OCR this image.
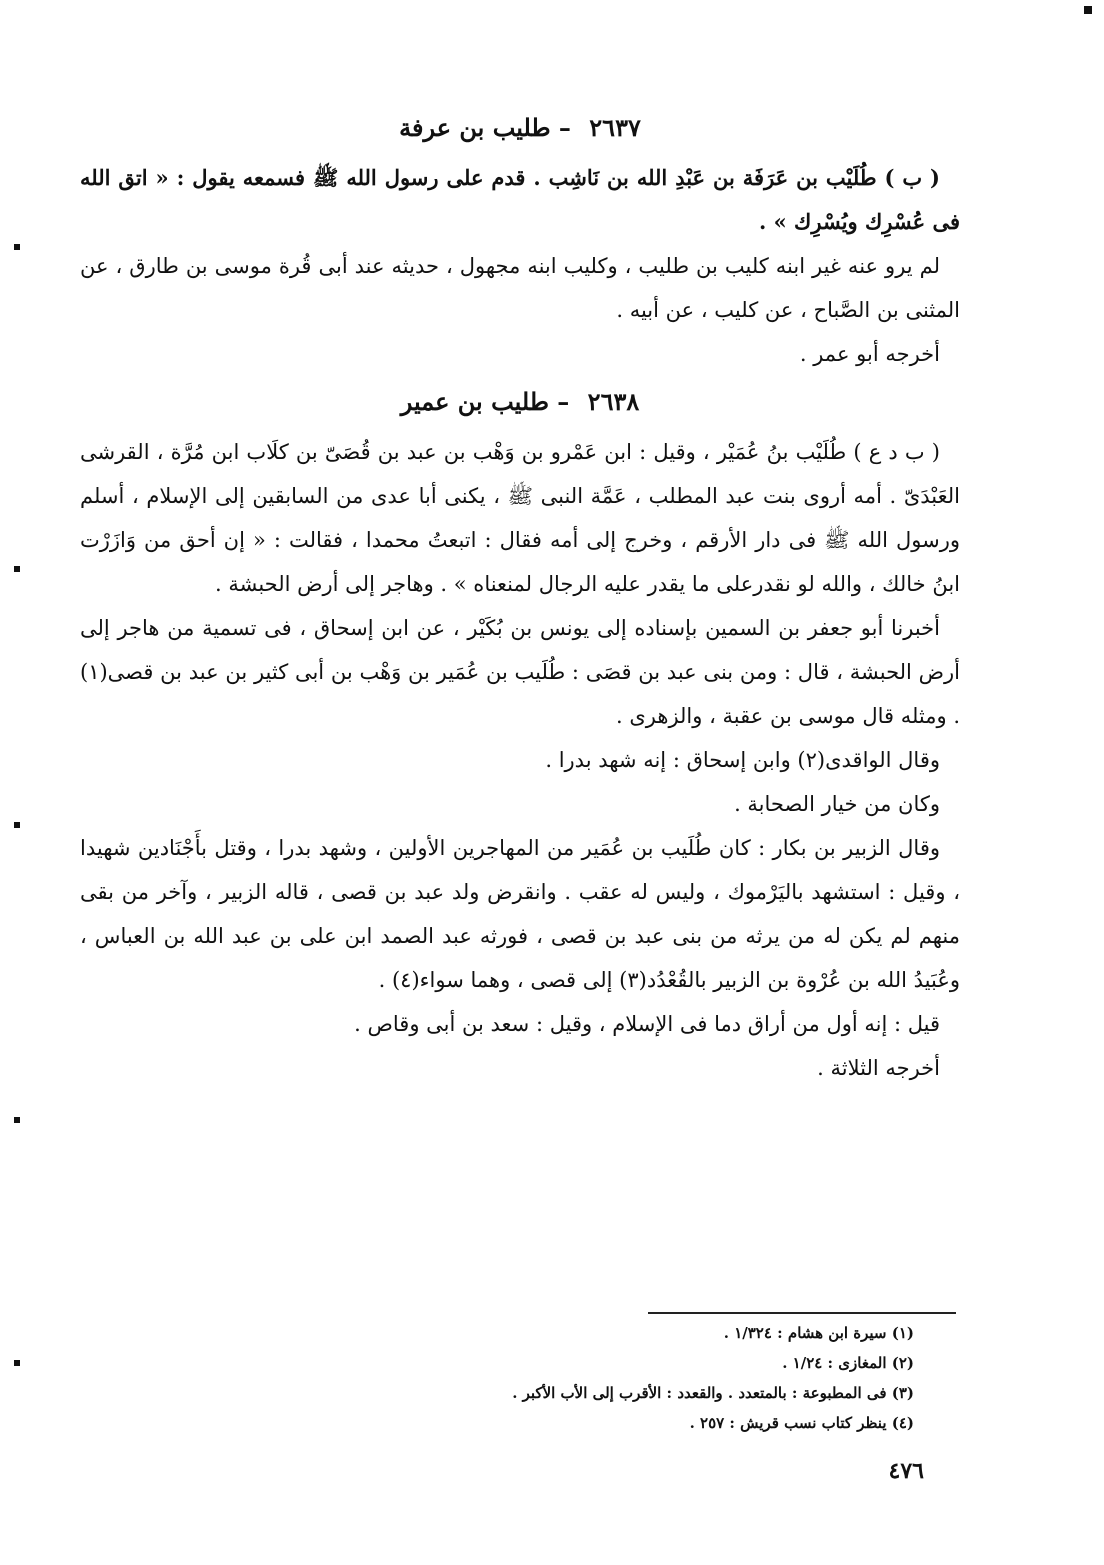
٢٦٣٧ – طليب بن عرفة

( ب ) طُلَيْب بن عَرَفَة بن عَبْدِ الله بن نَاشِب . قدم على رسول الله ﷺ فسمعه يقول : « اتق الله فى عُسْرِك ويُسْرِك » .

لم يرو عنه غير ابنه كليب بن طليب ، وكليب ابنه مجهول ، حديثه عند أبى قُرة موسى بن طارق ، عن المثنى بن الصَّباح ، عن كليب ، عن أبيه .

أخرجه أبو عمر .

٢٦٣٨ – طليب بن عمير

( ب د ع ) طُلَيْب بنُ عُمَيْر ، وقيل : ابن عَمْرو بن وَهْب بن عبد بن قُصَىّ بن كلَاب ابن مُرَّة ، القرشى العَبْدَىّ . أمه أروى بنت عبد المطلب ، عَمَّة النبى ﷺ ، يكنى أبا عدى من السابقين إلى الإسلام ، أسلم ورسول الله ﷺ فى دار الأرقم ، وخرج إلى أمه فقال : اتبعتُ محمدا ، فقالت : « إن أحق من وَازَرْت ابنُ خالك ، والله لو نقدرعلى ما يقدر عليه الرجال لمنعناه » . وهاجر إلى أرض الحبشة .

أخبرنا أبو جعفر بن السمين بإسناده إلى يونس بن بُكَيْر ، عن ابن إسحاق ، فى تسمية من هاجر إلى أرض الحبشة ، قال : ومن بنى عبد بن قصَى : طُلَيب بن عُمَير بن وَهْب بن أبى كثير بن عبد بن قصى(١) . ومثله قال موسى بن عقبة ، والزهرى .

وقال الواقدى(٢) وابن إسحاق : إنه شهد بدرا .

وكان من خيار الصحابة .

وقال الزبير بن بكار : كان طُلَيب بن عُمَير من المهاجرين الأولين ، وشهد بدرا ، وقتل بأَجْنَادين شهيدا ، وقيل : استشهد باليَرْموك ، وليس له عقب . وانقرض ولد عبد بن قصى ، قاله الزبير ، وآخر من بقى منهم لم يكن له من يرثه من بنى عبد بن قصى ، فورثه عبد الصمد ابن على بن عبد الله بن العباس ، وعُبَيدُ الله بن عُرْوة بن الزبير بالقُعْدُد(٣) إلى قصى ، وهما سواء(٤) .

قيل : إنه أول من أراق دما فى الإسلام ، وقيل : سعد بن أبى وقاص .

أخرجه الثلاثة .

(١) سيرة ابن هشام : ١/٣٢٤ .

(٢) المغازى : ١/٢٤ .

(٣) فى المطبوعة : بالمتعدد . والقعدد : الأقرب إلى الأب الأكبر .

(٤) ينظر كتاب نسب قريش : ٢٥٧ .

٤٧٦
